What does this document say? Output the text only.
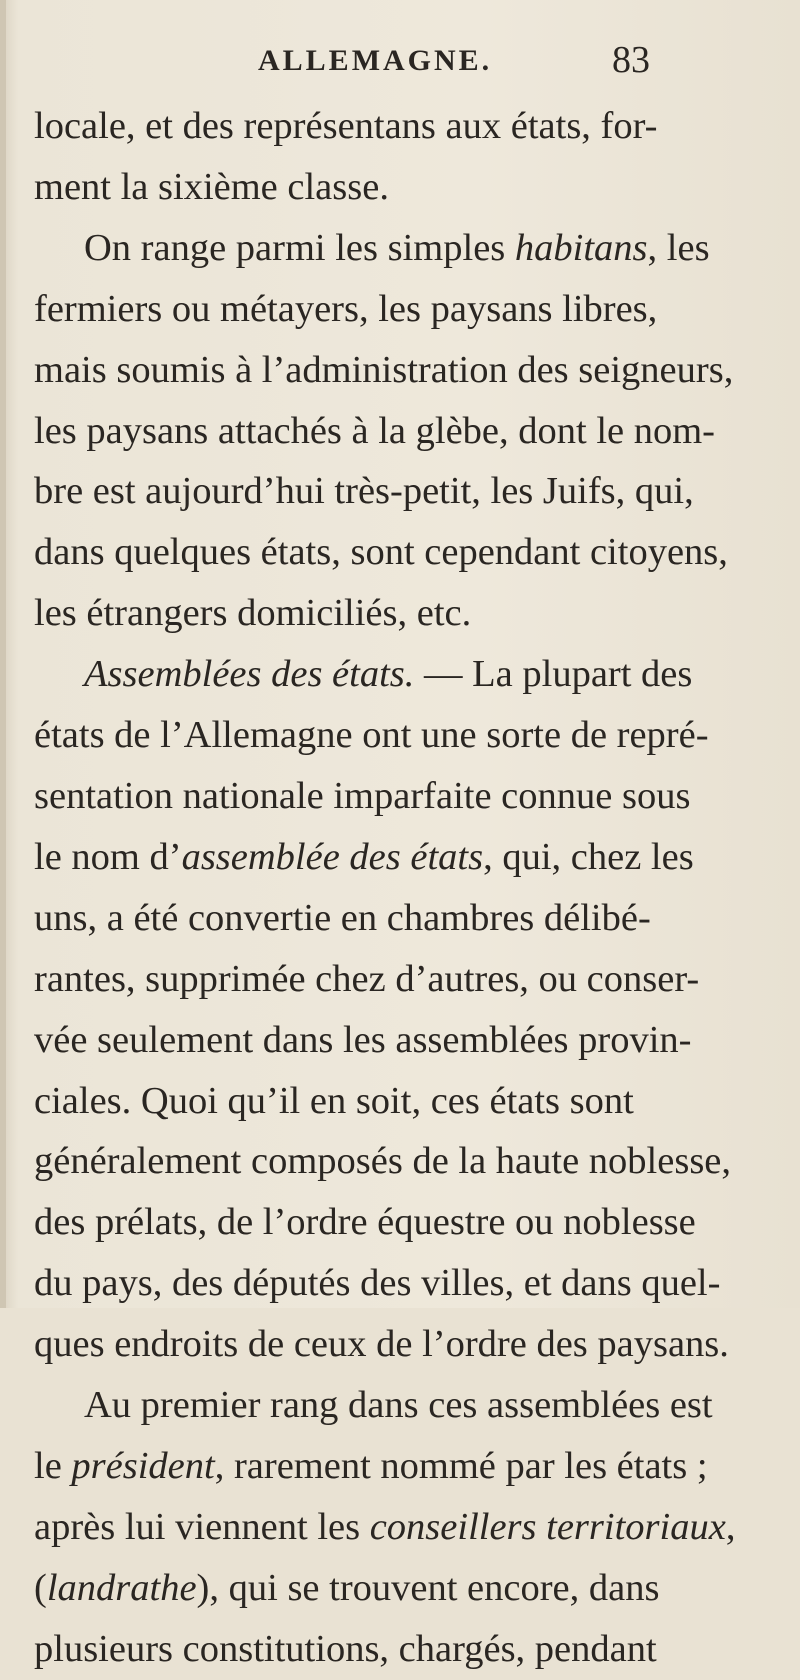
ALLEMAGNE.	83
locale, et des représentans aux états, for-
ment la sixième classe.
On range parmi les simples habitans, les
fermiers ou métayers, les paysans libres,
mais soumis à l’administration des seigneurs,
les paysans attachés à la glèbe, dont le nom-
bre est aujourd’hui très-petit, les Juifs, qui,
dans quelques états, sont cependant citoyens,
les étrangers domiciliés, etc.
Assemblées des états. — La plupart des
états de l’Allemagne ont une sorte de repré-
sentation nationale imparfaite connue sous
le nom d’assemblée des états, qui, chez les
uns, a été convertie en chambres délibé-
rantes, supprimée chez d’autres, ou conser-
vée seulement dans les assemblées provin-
ciales. Quoi qu’il en soit, ces états sont
généralement composés de la haute noblesse,
des prélats, de l’ordre équestre ou noblesse
du pays, des députés des villes, et dans quel-
ques endroits de ceux de l’ordre des paysans.
Au premier rang dans ces assemblées est
le président, rarement nommé par les états ;
après lui viennent les conseillers territoriaux,
(landrathe), qui se trouvent encore, dans
plusieurs constitutions, chargés, pendant
